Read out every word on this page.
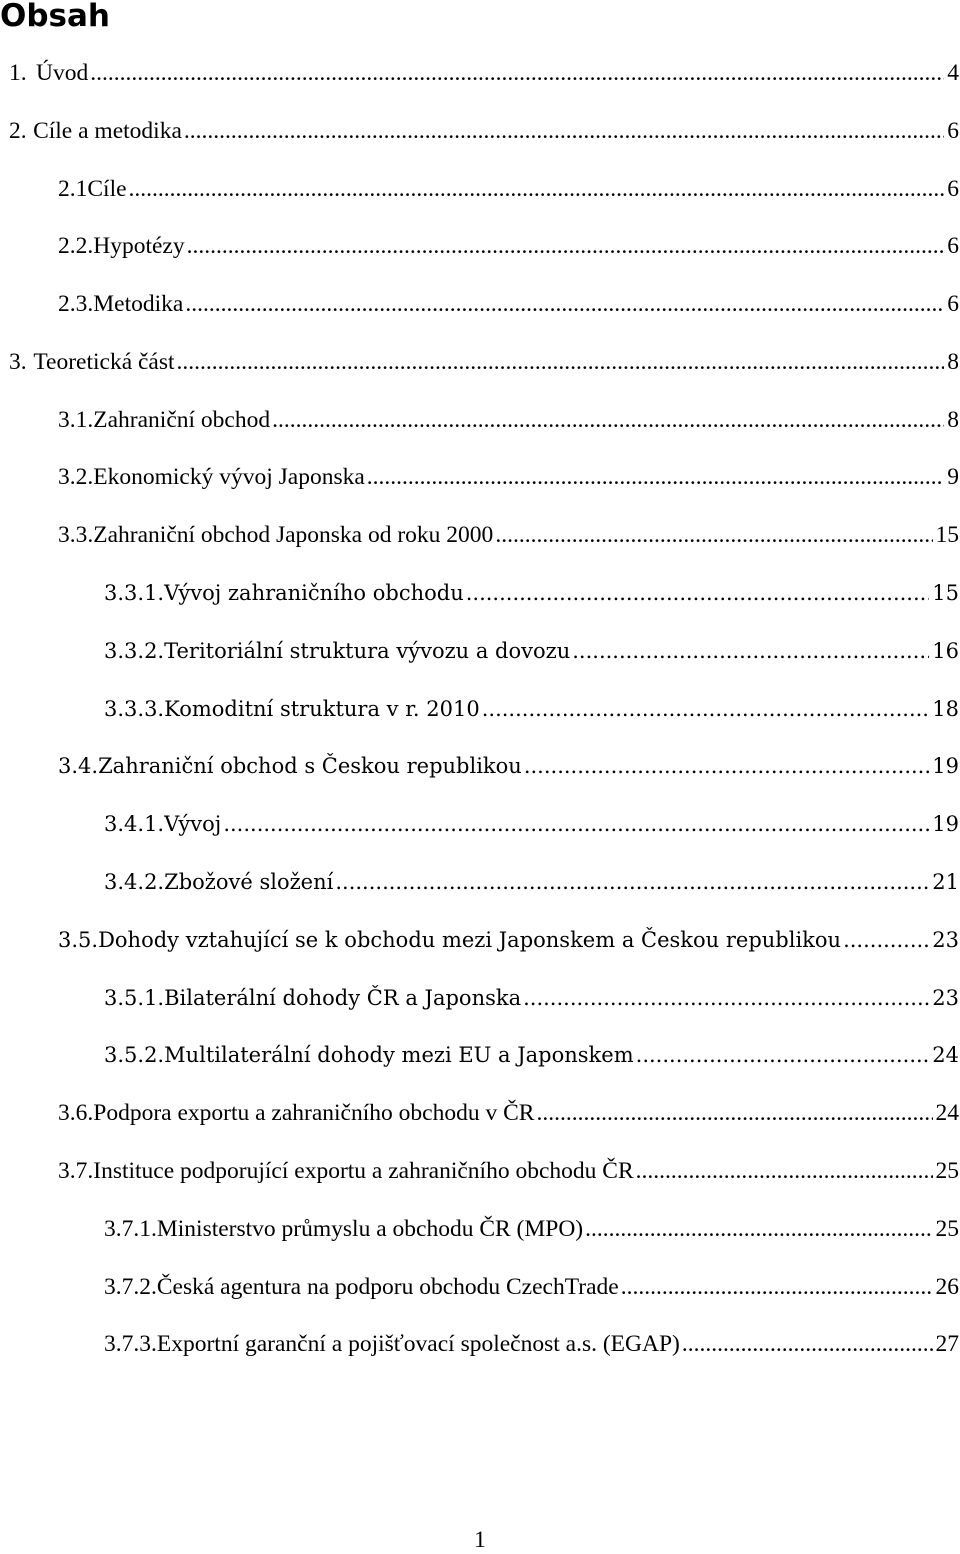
Obsah
1. Úvod .....	4
2. Cíle a metodika .....	6
2.1 Cíle .....	6
2.2. Hypotézy .....	6
2.3. Metodika .....	6
3. Teoretická část .....	8
3.1. Zahraniční obchod .....	8
3.2. Ekonomický vývoj Japonska .....	9
3.3. Zahraniční obchod Japonska od roku 2000 .....	15
3.3.1. Vývoj zahraničního obchodu .....	15
3.3.2. Teritoriální struktura vývozu a dovozu .....	16
3.3.3. Komoditní struktura v r. 2010 .....	18
3.4. Zahraniční obchod s Českou republikou .....	19
3.4.1. Vývoj .....	19
3.4.2. Zbožové složení .....	21
3.5. Dohody vztahující se k obchodu mezi Japonskem a Českou republikou .....	23
3.5.1. Bilaterální dohody ČR a Japonska .....	23
3.5.2. Multilaterální dohody mezi EU a Japonskem .....	24
3.6. Podpora exportu a zahraničního obchodu v ČR .....	24
3.7. Instituce podporující exportu a zahraničního obchodu ČR .....	25
3.7.1. Ministerstvo průmyslu a obchodu ČR (MPO) .....	25
3.7.2. Česká agentura na podporu obchodu CzechTrade .....	26
3.7.3. Exportní garanční a pojišťovací společnost a.s. (EGAP) .....	27
1
